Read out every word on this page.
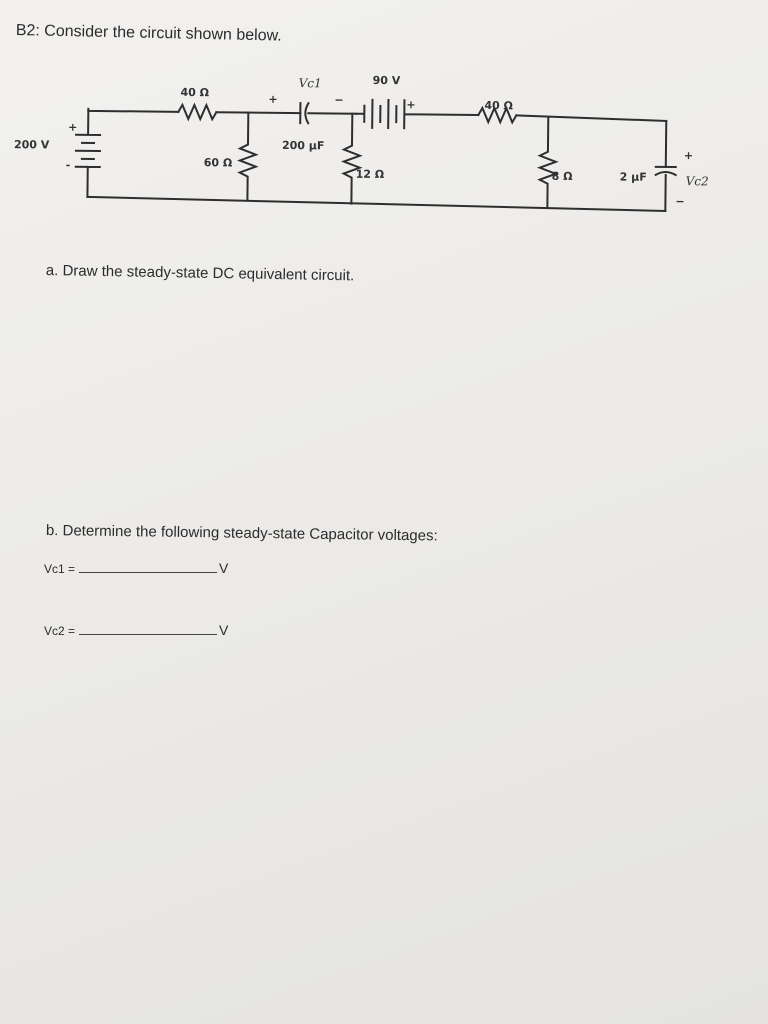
B2: Consider the circuit shown below.
200 V
+
-
40 Ω
60 Ω
200 μF
+	−
Vc1	90 V
+
12 Ω
40 Ω
8 Ω	2 μF
+
−
Vc2
a. Draw the steady-state DC equivalent circuit.
b. Determine the following steady-state Capacitor voltages:
Vc1 =	V
Vc2 =	V
